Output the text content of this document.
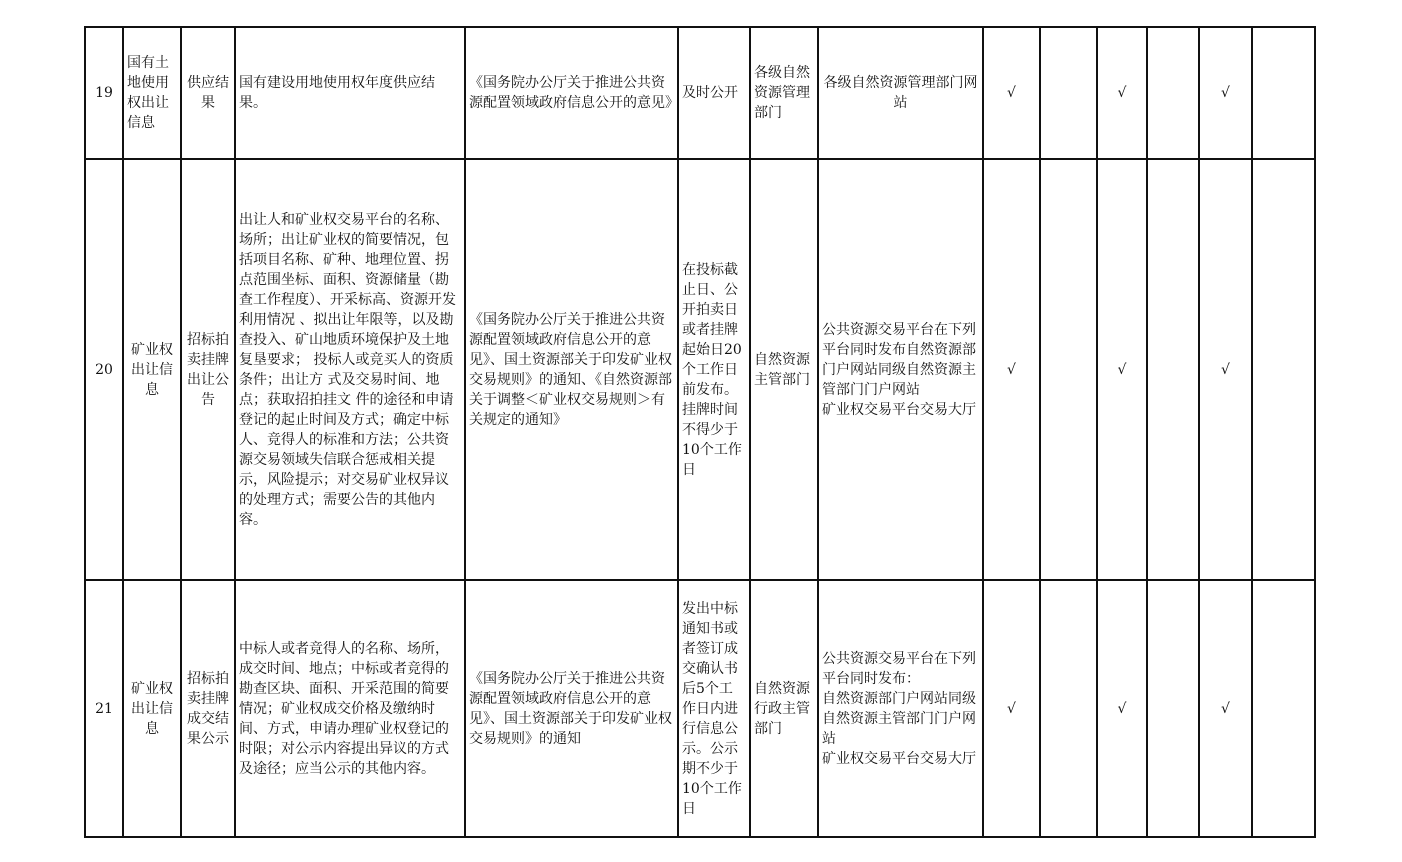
19	国有土地使用权出让信息	供应结果	国有建设用地使用权年度供应结果。	《国务院办公厅关于推进公共资源配置领域政府信息公开的意见》	及时公开	各级自然资源管理部门	各级自然资源管理部门网站	√		√		√	
20	矿业权出让信息	招标拍卖挂牌出让公告	出让人和矿业权交易平台的名称、场所；出让矿业权的简要情况，包括项目名称、矿种、地理位置、拐点范围坐标、面积、资源储量（勘查工作程度）、开采标高、资源开发利用情况 、拟出让年限等，以及勘查投入、矿山地质环境保护及土地复垦要求； 投标人或竞买人的资质条件；出让方 式及交易时间、地点；获取招拍挂文 件的途径和申请登记的起止时间及方式；确定中标人、竞得人的标准和方法；公共资源交易领域失信联合惩戒相关提示，风险提示；对交易矿业权异议的处理方式；需要公告的其他内容。	《国务院办公厅关于推进公共资源配置领域政府信息公开的意见》、国土资源部关于印发矿业权交易规则》的通知、《自然资源部关于调整＜矿业权交易规则＞有关规定的通知》	在投标截止日、公开拍卖日或者挂牌起始日20个工作日前发布。挂牌时间不得少于10个工作日	自然资源主管部门	公共资源交易平台在下列平台同时发布自然资源部门户网站同级自然资源主管部门门户网站
矿业权交易平台交易大厅	√		√		√	
21	矿业权出让信息	招标拍卖挂牌成交结果公示	中标人或者竞得人的名称、场所，成交时间、地点；中标或者竞得的勘查区块、面积、开采范围的简要情况；矿业权成交价格及缴纳时间、方式，申请办理矿业权登记的时限；对公示内容提出异议的方式及途径；应当公示的其他内容。	《国务院办公厅关于推进公共资源配置领域政府信息公开的意见》、国土资源部关于印发矿业权交易规则》的通知	发出中标通知书或者签订成交确认书后5个工作日内进行信息公示。公示期不少于10个工作日	自然资源行政主管部门	公共资源交易平台在下列平台同时发布：
自然资源部门户网站同级自然资源主管部门门户网站
矿业权交易平台交易大厅	√		√		√	
